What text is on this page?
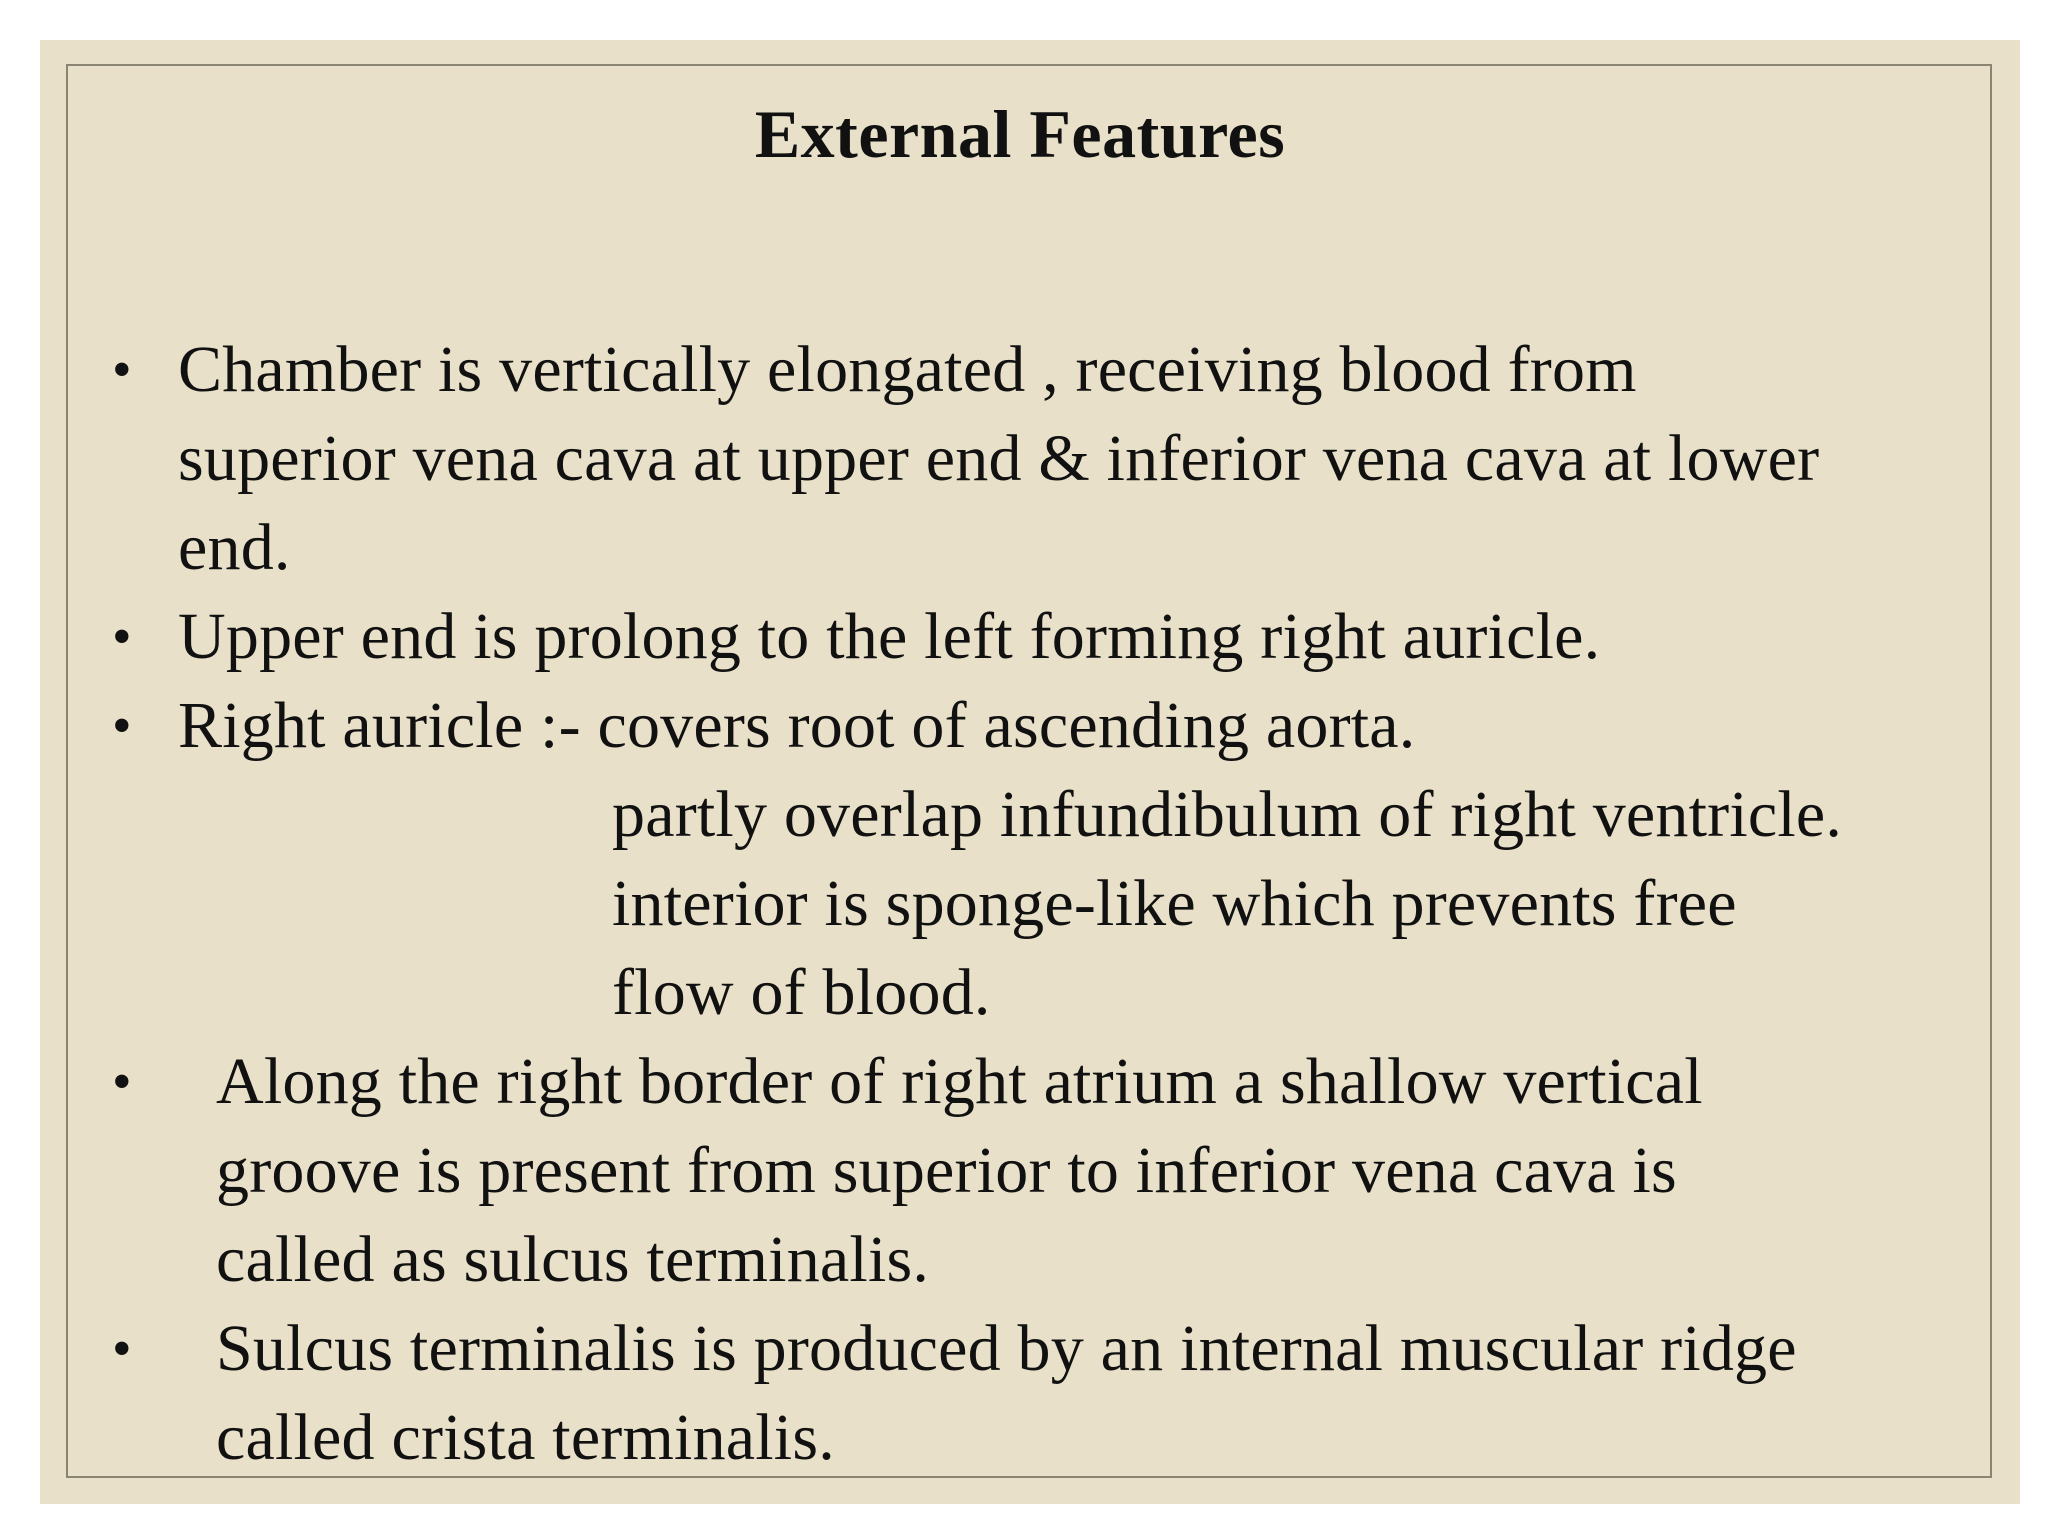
External Features
• Chamber is vertically elongated , receiving blood from

superior vena cava at upper end & inferior vena cava at lower

end.

• Upper end is prolong to the left forming right auricle.

• Right auricle :- covers root of ascending aorta.

partly overlap infundibulum of right ventricle.

interior is sponge-like which prevents free

flow of blood.

• Along the right border of right atrium a shallow vertical

groove is present from superior to inferior vena cava is

called as sulcus terminalis.

• Sulcus terminalis is produced by an internal muscular ridge

called crista terminalis.
